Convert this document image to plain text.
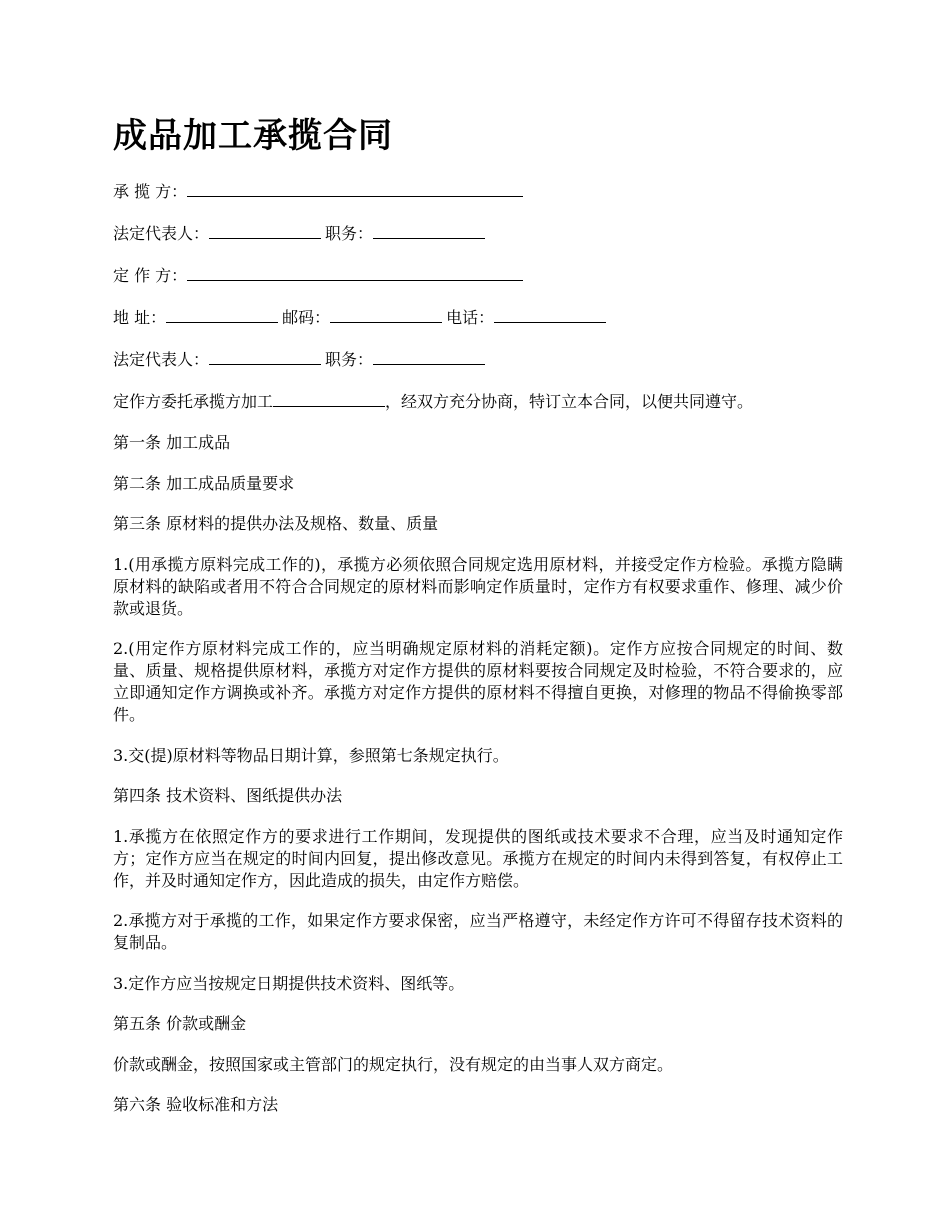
成品加工承揽合同
承 揽 方：
法定代表人：	职务：
定 作 方：
地 址：	邮码：	电话：
法定代表人：	职务：
定作方委托承揽方加工	，经双方充分协商，特订立本合同，以便共同遵守。
第一条 加工成品
第二条 加工成品质量要求
第三条 原材料的提供办法及规格、数量、质量
1.(用承揽方原料完成工作的)，承揽方必须依照合同规定选用原材料，并接受定作方检验。承揽方隐瞒原材料的缺陷或者用不符合合同规定的原材料而影响定作质量时，定作方有权要求重作、修理、减少价款或退货。
2.(用定作方原材料完成工作的，应当明确规定原材料的消耗定额)。定作方应按合同规定的时间、数量、质量、规格提供原材料，承揽方对定作方提供的原材料要按合同规定及时检验，不符合要求的，应立即通知定作方调换或补齐。承揽方对定作方提供的原材料不得擅自更换，对修理的物品不得偷换零部件。
3.交(提)原材料等物品日期计算，参照第七条规定执行。
第四条 技术资料、图纸提供办法
1.承揽方在依照定作方的要求进行工作期间，发现提供的图纸或技术要求不合理，应当及时通知定作方；定作方应当在规定的时间内回复，提出修改意见。承揽方在规定的时间内未得到答复，有权停止工作，并及时通知定作方，因此造成的损失，由定作方赔偿。
2.承揽方对于承揽的工作，如果定作方要求保密，应当严格遵守，未经定作方许可不得留存技术资料的复制品。
3.定作方应当按规定日期提供技术资料、图纸等。
第五条 价款或酬金
价款或酬金，按照国家或主管部门的规定执行，没有规定的由当事人双方商定。
第六条 验收标准和方法
